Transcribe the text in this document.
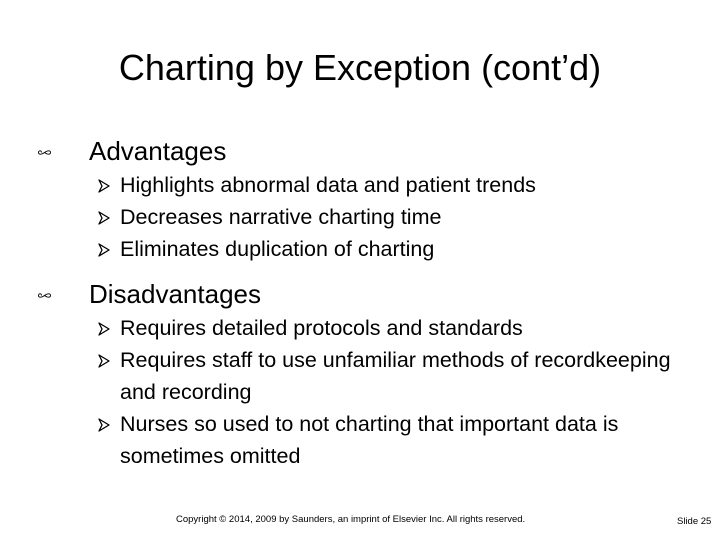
Charting by Exception (cont’d)
Advantages
Highlights abnormal data and patient trends
Decreases narrative charting time
Eliminates duplication of charting
Disadvantages
Requires detailed protocols and standards
Requires staff to use unfamiliar methods of recordkeeping and recording
Nurses so used to not charting that important data is sometimes omitted
Copyright © 2014, 2009 by Saunders, an imprint of Elsevier Inc. All rights reserved.	Slide 25
